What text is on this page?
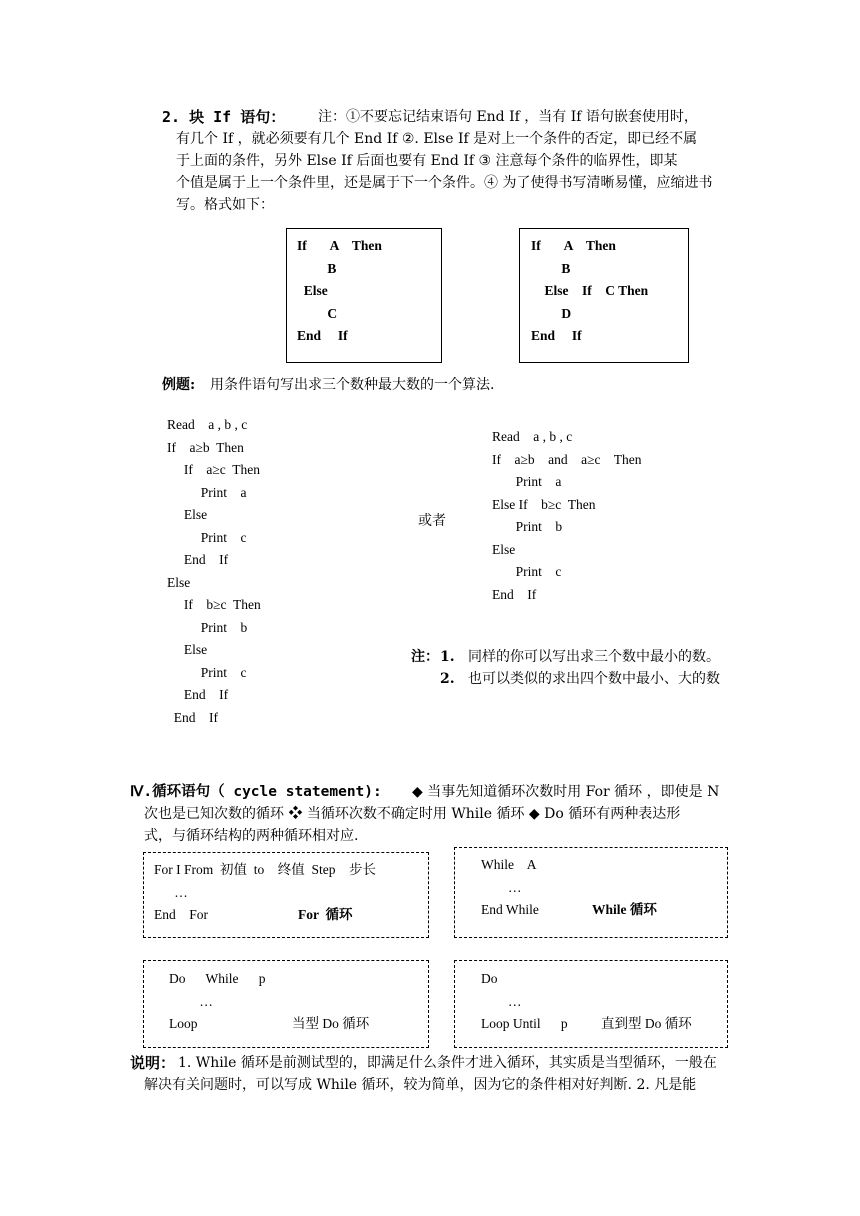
2. 块 If 语句： 注：①不要忘记结束语句 End If ，当有 If 语句嵌套使用时，
有几个 If ，就必须要有几个 End If ②. Else If 是对上一个条件的否定，即已经不属
于上面的条件，另外 Else If 后面也要有 End If ③ 注意每个条件的临界性，即某
个值是属于上一个条件里，还是属于下一个条件。④ 为了使得书写清晰易懂，应缩进书
写。格式如下：
If       A    Then
B
Else
C
End     If
If       A    Then
B
Else    If    C Then
D
End     If
例题: 用条件语句写出求三个数种最大数的一个算法.
Read    a , b , c
If    a≥b  Then
If    a≥c  Then
Print    a
Else
Print    c
End    If
Else
If    b≥c  Then
Print    b
Else
Print    c
End    If
End    If
或者
Read    a , b , c
If    a≥b    and    a≥c    Then
Print    a
Else If    b≥c  Then
Print    b
Else
Print    c
End    If
注： 1. 同样的你可以写出求三个数中最小的数。
2. 也可以类似的求出四个数中最小、大的数
Ⅳ.循环语句（ cycle statement): ◆ 当事先知道循环次数时用 For 循环 ，即使是 N
次也是已知次数的循环 ❖ 当循环次数不确定时用 While 循环 ◆ Do 循环有两种表达形
式，与循环结构的两种循环相对应.
For I From  初值  to    终值  Step    步长
…
End    For	For  循环
While    A
…
End While	While 循环
Do      While      p
…
Loop	当型 Do 循环
Do
…
Loop Until      p 直到型 Do 循环
说明： 1. While 循环是前测试型的，即满足什么条件才进入循环，其实质是当型循环，一般在
解决有关问题时，可以写成 While 循环，较为简单，因为它的条件相对好判断. 2. 凡是能
